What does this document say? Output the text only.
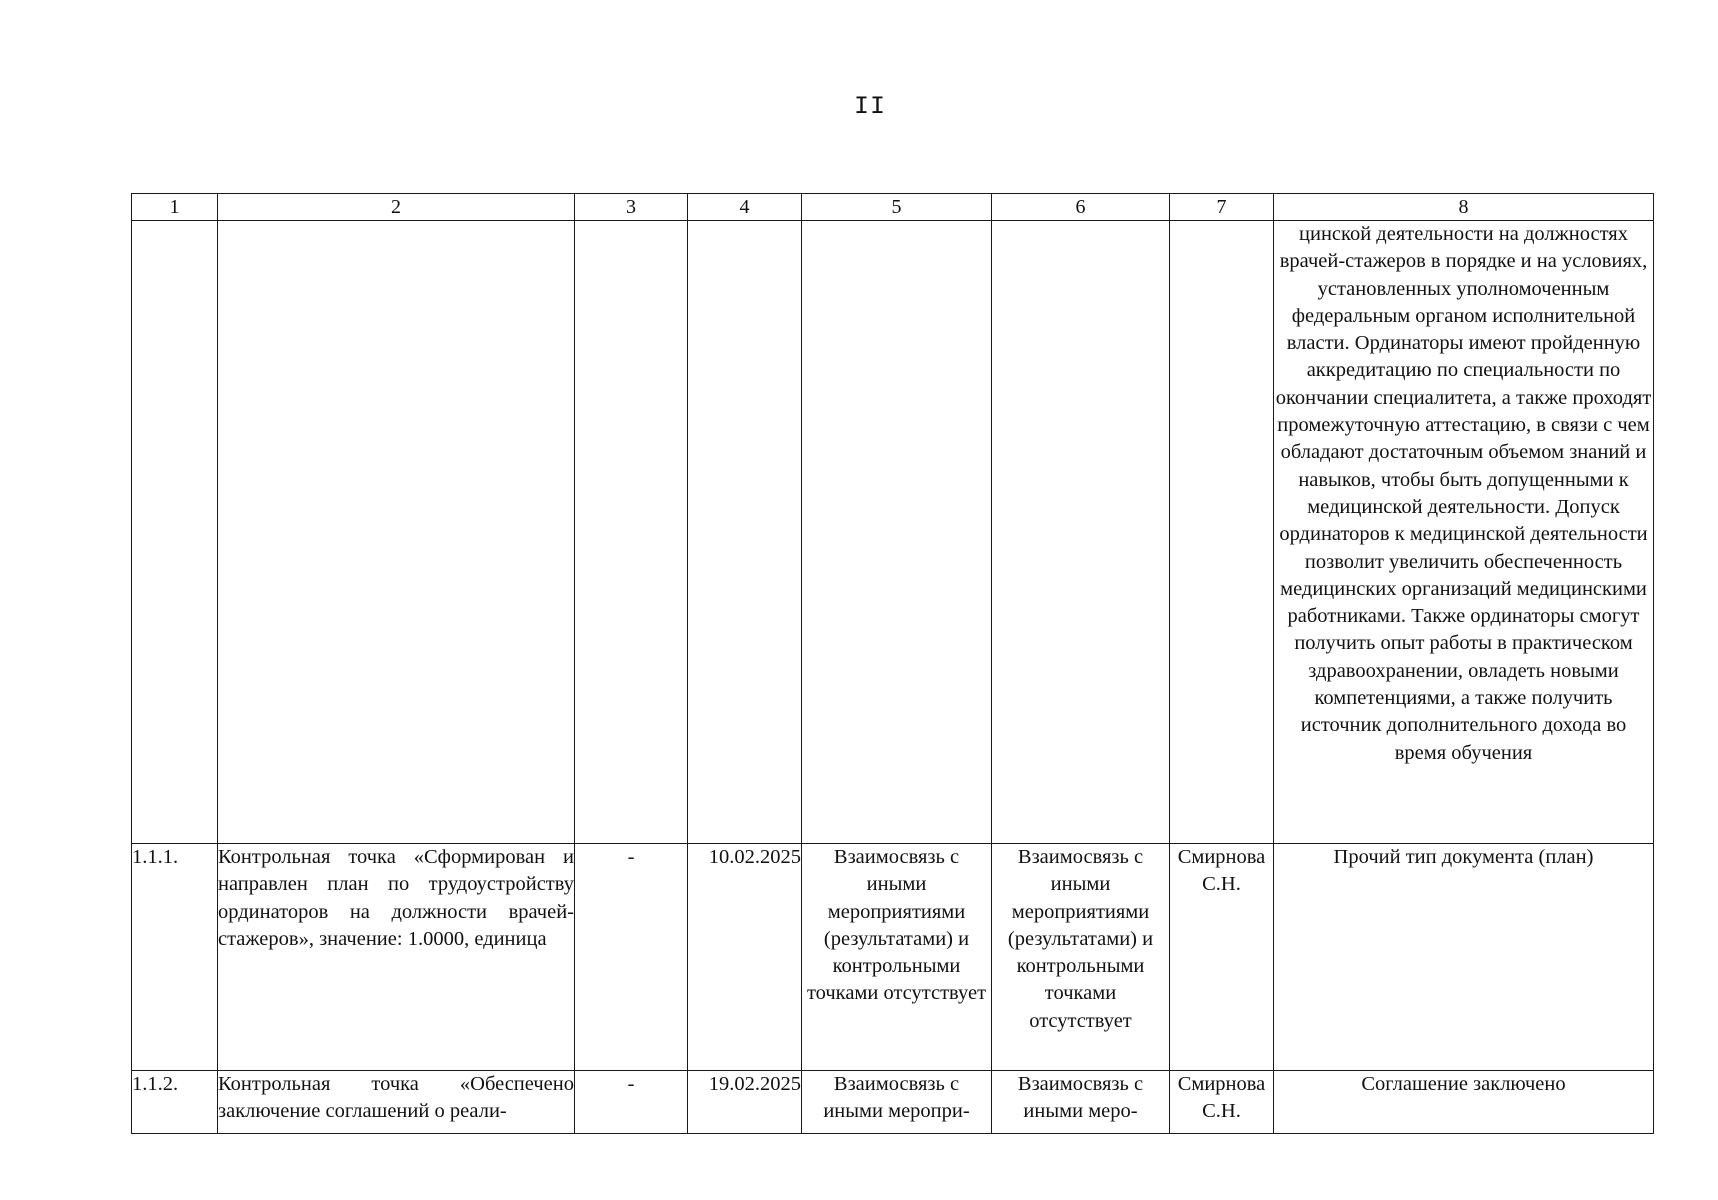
II
1	2	3	4	5	6	7	8
							цинской деятельности на должностях врачей-стажеров в порядке и на условиях, установленных уполномоченным федеральным органом исполнительной власти. Ординаторы имеют пройденную аккредитацию по специальности по окончании специалитета, а также проходят промежуточную аттестацию, в связи с чем обладают достаточным объемом знаний и навыков, чтобы быть допущенными к медицинской деятельности. Допуск ординаторов к медицинской деятельности позволит увеличить обеспеченность медицинских организаций медицинскими работниками. Также ординаторы смогут получить опыт работы в практическом здравоохранении, овладеть новыми компетенциями, а также получить источник дополнительного дохода во время обучения
1.1.1.	Контрольная точка «Сформирован и направлен план по трудоустройству ординаторов на должности врачей-стажеров», значение: 1.0000, единица	-	10.02.2025	Взаимосвязь с иными мероприятиями (результатами) и контрольными точками отсутствует	Взаимосвязь с иными мероприятиями (результатами) и контрольными точками отсутствует	Смирнова С.Н.	Прочий тип документа (план)

1.1.2.	Контрольная точка «Обеспечено заключение соглашений о реали-	-	19.02.2025	Взаимосвязь с иными меропри-	Взаимосвязь с иными меро-	Смирнова С.Н.	Соглашение заключено
